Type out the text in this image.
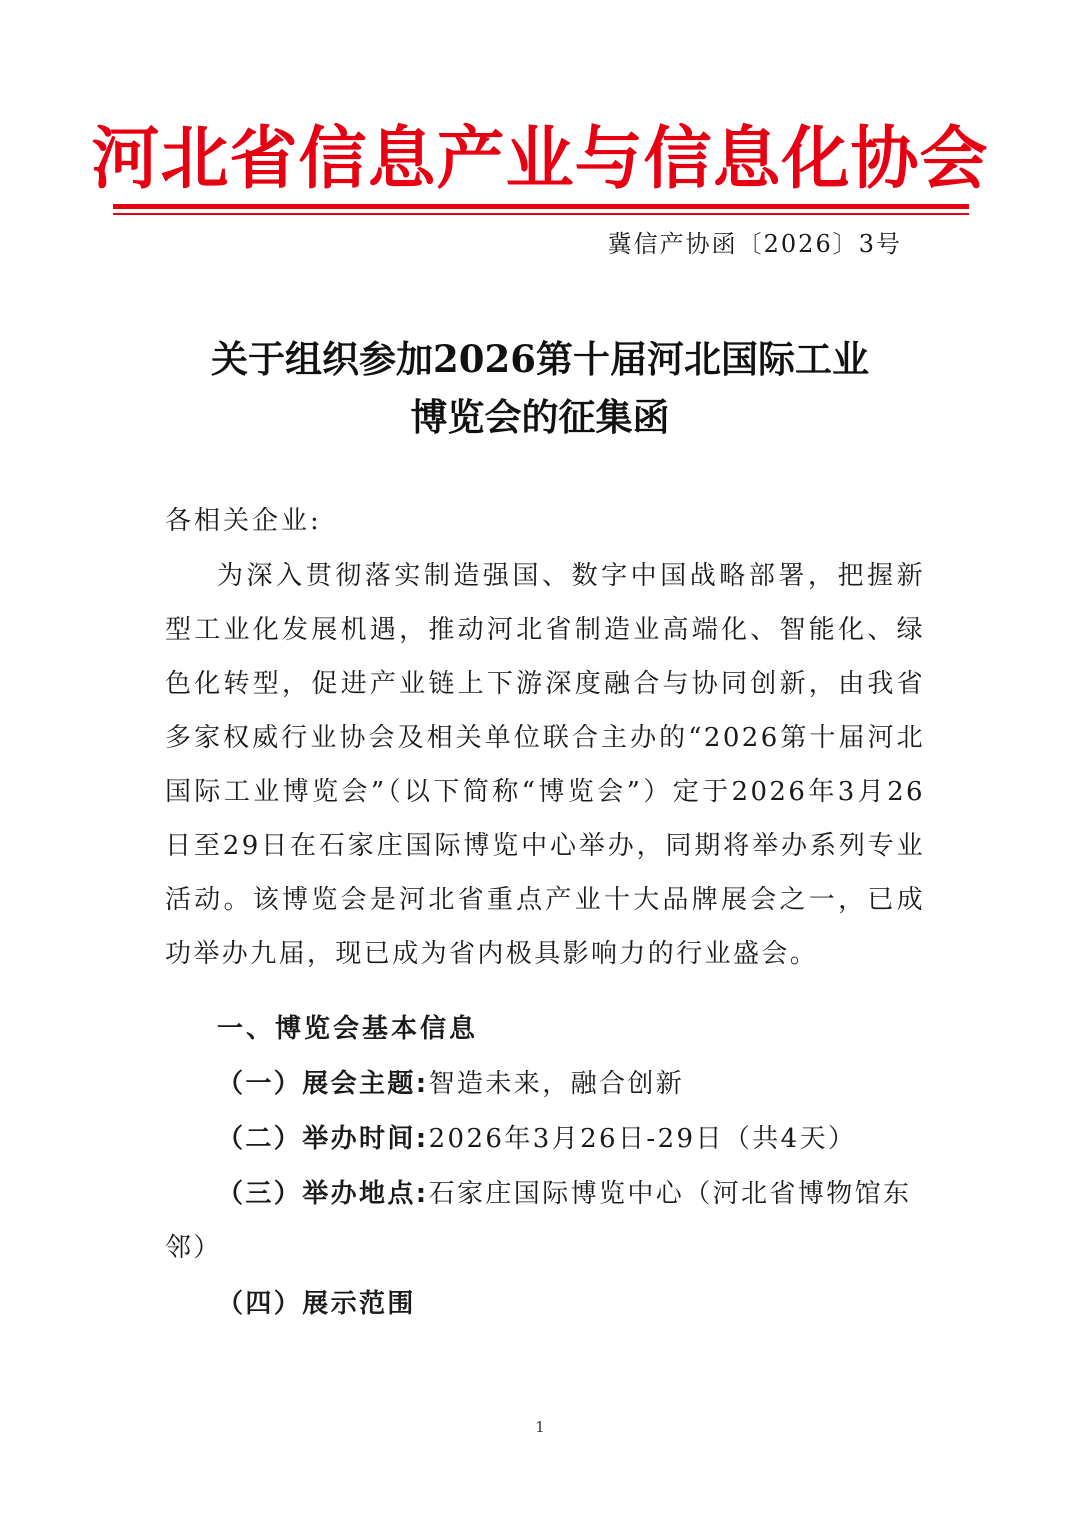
河北省信息产业与信息化协会
冀信产协函〔2026〕3号
关于组织参加2026第十届河北国际工业
博览会的征集函
各相关企业:
为深入贯彻落实制造强国、数字中国战略部署，把握新型工业化发展机遇，推动河北省制造业高端化、智能化、绿色化转型，促进产业链上下游深度融合与协同创新，由我省多家权威行业协会及相关单位联合主办的“2026第十届河北国际工业博览会”（以下简称“博览会”）定于2026年3月26日至29日在石家庄国际博览中心举办，同期将举办系列专业活动。该博览会是河北省重点产业十大品牌展会之一，已成功举办九届，现已成为省内极具影响力的行业盛会。
一、博览会基本信息
（一）展会主题:智造未来，融合创新
（二）举办时间:2026年3月26日-29日（共4天）
（三）举办地点:石家庄国际博览中心（河北省博物馆东邻）
（四）展示范围
1
